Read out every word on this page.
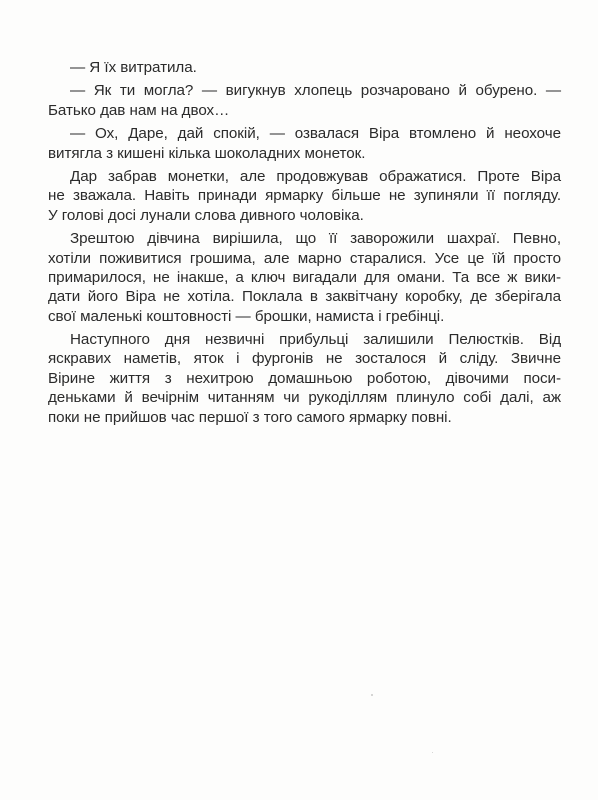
— Я їх витратила.
— Як ти могла? — вигукнув хлопець розчаровано й обурено. —
Батько дав нам на двох…
— Ох, Даре, дай спокій, — озвалася Віра втомлено й неохоче
витягла з кишені кілька шоколадних монеток.
Дар забрав монетки, але продовжував ображатися. Проте Віра
не зважала. Навіть принади ярмарку більше не зупиняли її погляду.
У голові досі лунали слова дивного чоловіка.
Зрештою дівчина вирішила, що її заворожили шахраї. Певно,
хотіли поживитися грошима, але марно старалися. Усе це їй просто
примарилося, не інакше, а ключ вигадали для омани. Та все ж вики-
дати його Віра не хотіла. Поклала в заквітчану коробку, де зберігала
свої маленькі коштовності — брошки, намиста і гребінці.
Наступного дня незвичні прибульці залишили Пелюстків. Від
яскравих наметів, яток і фургонів не зосталося й сліду. Звичне
Вірине життя з нехитрою домашньою роботою, дівочими поси-
деньками й вечірнім читанням чи рукоділлям плинуло собі далі, аж
поки не прийшов час першої з того самого ярмарку повні.
